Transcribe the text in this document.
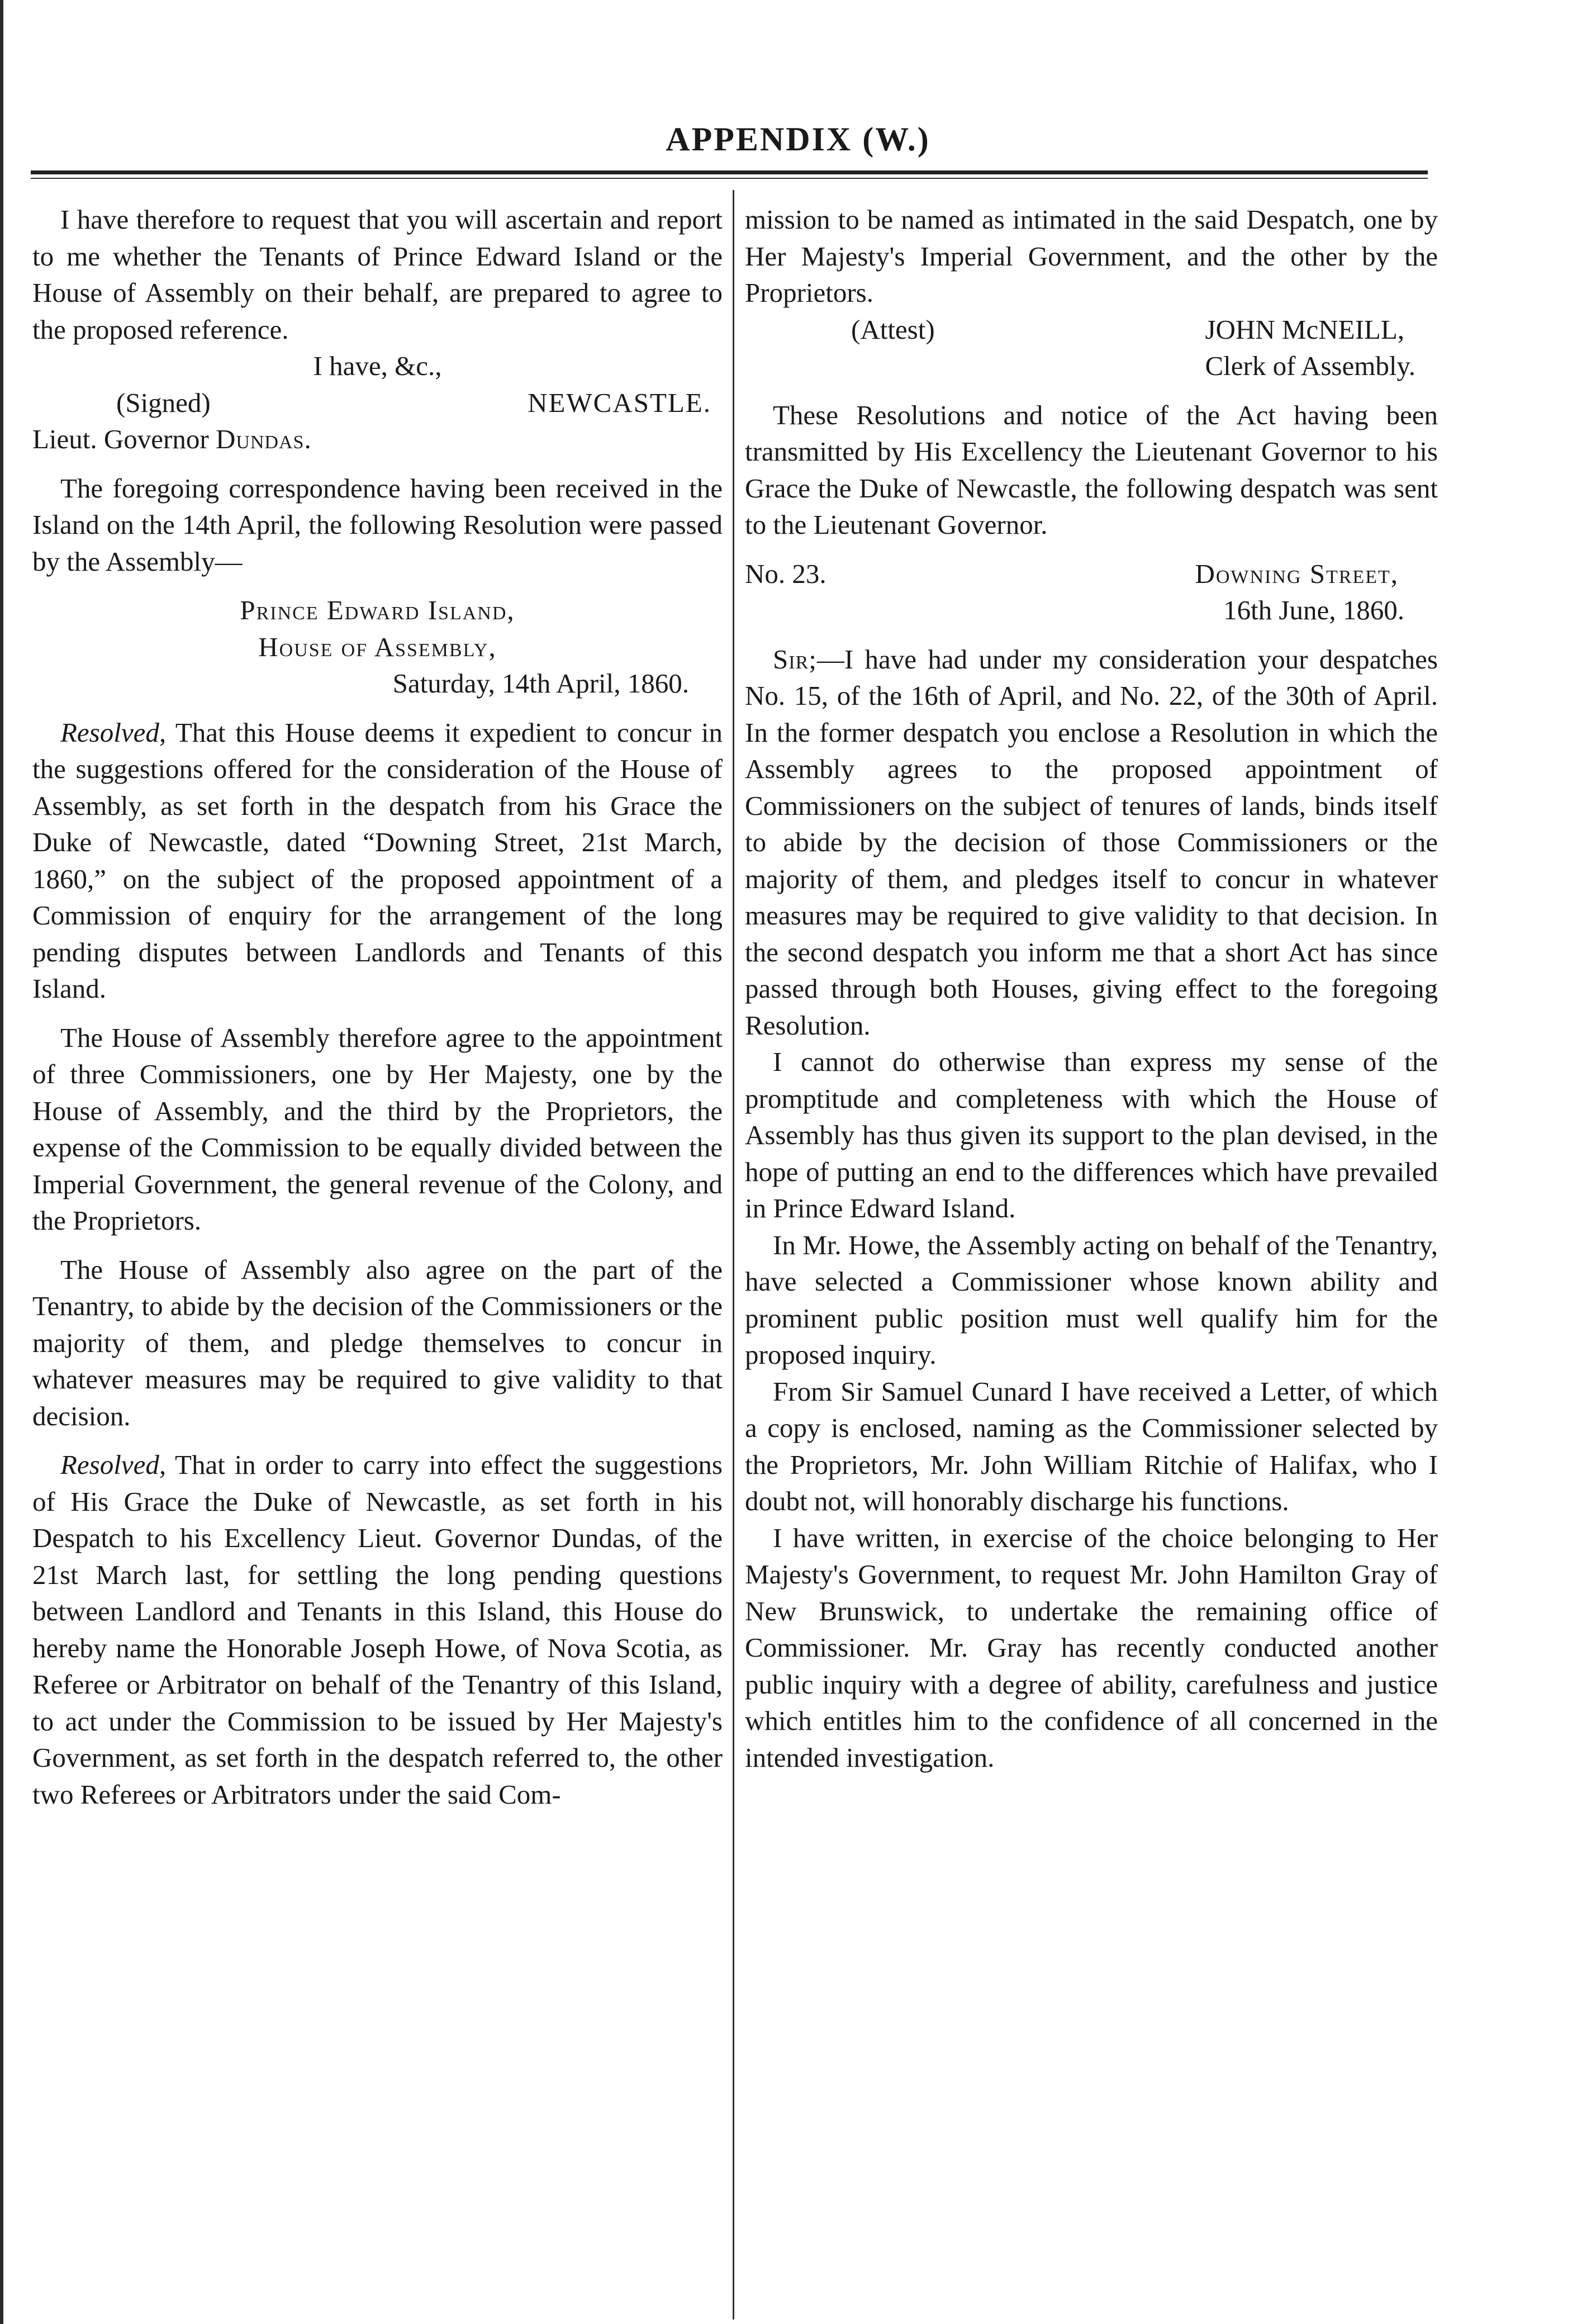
APPENDIX (W.)

I have therefore to request that you will ascertain and report to me whether the Tenants of Prince Edward Island or the House of Assembly on their behalf, are prepared to agree to the proposed reference.

I have, &c.,

(Signed)	NEWCASTLE.

Lieut. Governor Dundas.

The foregoing correspondence having been received in the Island on the 14th April, the following Resolution were passed by the Assembly—

Prince Edward Island,

House of Assembly,

Saturday, 14th April, 1860.

Resolved, That this House deems it expedient to concur in the suggestions offered for the consideration of the House of Assembly, as set forth in the despatch from his Grace the Duke of Newcastle, dated “Downing Street, 21st March, 1860,” on the subject of the proposed appointment of a Commission of enquiry for the arrangement of the long pending disputes between Landlords and Tenants of this Island.

The House of Assembly therefore agree to the appointment of three Commissioners, one by Her Majesty, one by the House of Assembly, and the third by the Proprietors, the expense of the Commission to be equally divided between the Imperial Government, the general revenue of the Colony, and the Proprietors.

The House of Assembly also agree on the part of the Tenantry, to abide by the decision of the Commissioners or the majority of them, and pledge themselves to concur in whatever measures may be required to give validity to that decision.

Resolved, That in order to carry into effect the suggestions of His Grace the Duke of Newcastle, as set forth in his Despatch to his Excellency Lieut. Governor Dundas, of the 21st March last, for settling the long pending questions between Landlord and Tenants in this Island, this House do hereby name the Honorable Joseph Howe, of Nova Scotia, as Referee or Arbitrator on behalf of the Tenantry of this Island, to act under the Commission to be issued by Her Majesty's Government, as set forth in the despatch referred to, the other two Referees or Arbitrators under the said Com-

mission to be named as intimated in the said Despatch, one by Her Majesty's Imperial Government, and the other by the Proprietors.

(Attest)	JOHN McNEILL,

Clerk of Assembly.

These Resolutions and notice of the Act having been transmitted by His Excellency the Lieutenant Governor to his Grace the Duke of Newcastle, the following despatch was sent to the Lieutenant Governor.

No. 23.	Downing Street,

16th June, 1860.

Sir;—I have had under my consideration your despatches No. 15, of the 16th of April, and No. 22, of the 30th of April. In the former despatch you enclose a Resolution in which the Assembly agrees to the proposed appointment of Commissioners on the subject of tenures of lands, binds itself to abide by the decision of those Commissioners or the majority of them, and pledges itself to concur in whatever measures may be required to give validity to that decision. In the second despatch you inform me that a short Act has since passed through both Houses, giving effect to the foregoing Resolution.

I cannot do otherwise than express my sense of the promptitude and completeness with which the House of Assembly has thus given its support to the plan devised, in the hope of putting an end to the differences which have prevailed in Prince Edward Island.

In Mr. Howe, the Assembly acting on behalf of the Tenantry, have selected a Commissioner whose known ability and prominent public position must well qualify him for the proposed inquiry.

From Sir Samuel Cunard I have received a Letter, of which a copy is enclosed, naming as the Commissioner selected by the Proprietors, Mr. John William Ritchie of Halifax, who I doubt not, will honorably discharge his functions.

I have written, in exercise of the choice belonging to Her Majesty's Government, to request Mr. John Hamilton Gray of New Brunswick, to undertake the remaining office of Commissioner. Mr. Gray has recently conducted another public inquiry with a degree of ability, carefulness and justice which entitles him to the confidence of all concerned in the intended investigation.
